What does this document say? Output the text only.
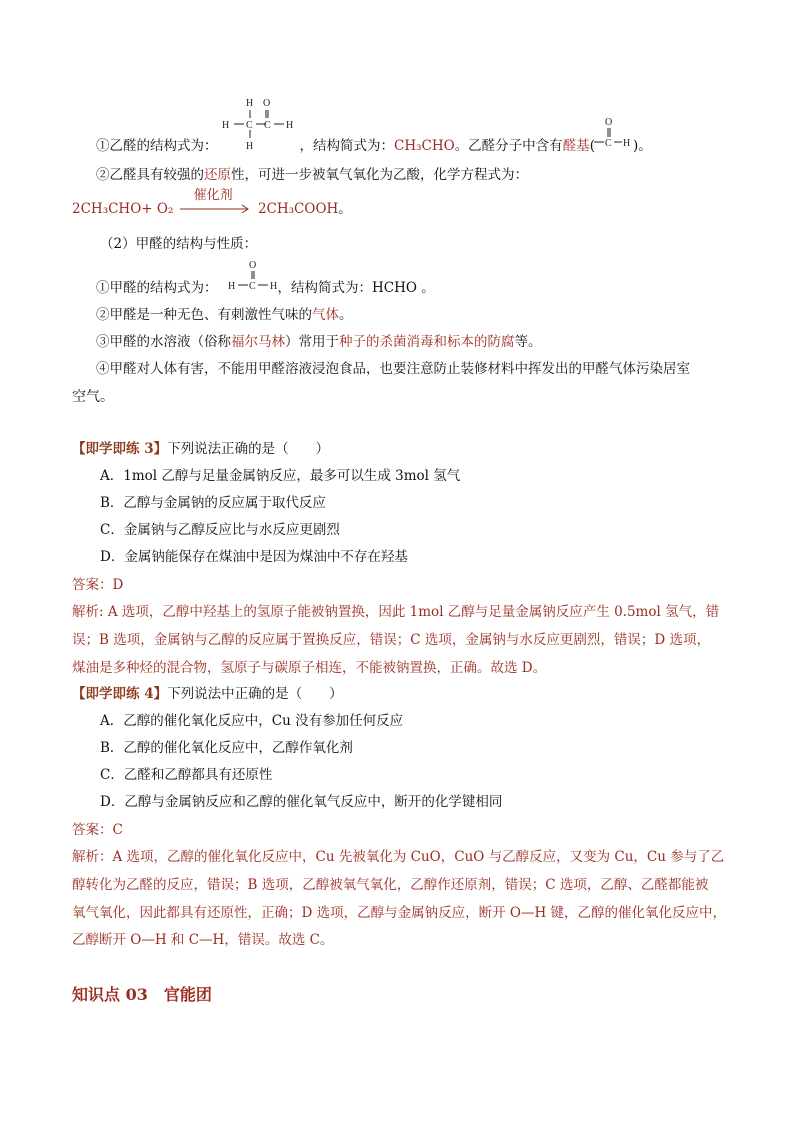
H O
H C C H
H
O
C H
①乙醛的结构式为：	，结构简式为：CH₃CHO。乙醛分子中含有醛基(	)。
②乙醛具有较强的还原性，可进一步被氧气氧化为乙酸，化学方程式为：
2CH₃CHO+ O₂
催化剂
2CH₃COOH。
（2）甲醛的结构与性质：
O
H C H
①甲醛的结构式为：	，结构简式为：HCHO 。
②甲醛是一种无色、有刺激性气味的气体。
③甲醛的水溶液（俗称福尔马林）常用于种子的杀菌消毒和标本的防腐等。
④甲醛对人体有害，不能用甲醛溶液浸泡食品，也要注意防止装修材料中挥发出的甲醛气体污染居室
空气。
【即学即练 3】下列说法正确的是（　　）
A．1mol 乙醇与足量金属钠反应，最多可以生成 3mol 氢气
B．乙醇与金属钠的反应属于取代反应
C．金属钠与乙醇反应比与水反应更剧烈
D．金属钠能保存在煤油中是因为煤油中不存在羟基
答案：D
解析: A 选项，乙醇中羟基上的氢原子能被钠置换，因此 1mol 乙醇与足量金属钠反应产生 0.5mol 氢气，错
误；B 选项，金属钠与乙醇的反应属于置换反应，错误；C 选项，金属钠与水反应更剧烈，错误；D 选项，
煤油是多种烃的混合物，氢原子与碳原子相连，不能被钠置换，正确。故选 D。
【即学即练 4】下列说法中正确的是（　　）
A．乙醇的催化氧化反应中，Cu 没有参加任何反应
B．乙醇的催化氧化反应中，乙醇作氧化剂
C．乙醛和乙醇都具有还原性
D．乙醇与金属钠反应和乙醇的催化氧气反应中，断开的化学键相同
答案：C
解析：A 选项，乙醇的催化氧化反应中，Cu 先被氧化为 CuO，CuO 与乙醇反应，又变为 Cu，Cu 参与了乙
醇转化为乙醛的反应，错误；B 选项，乙醇被氧气氧化，乙醇作还原剂，错误；C 选项，乙醇、乙醛都能被
氧气氧化，因此都具有还原性，正确；D 选项，乙醇与金属钠反应，断开 O—H 键，乙醇的催化氧化反应中，
乙醇断开 O—H 和 C—H，错误。故选 C。
知识点 03　官能团
